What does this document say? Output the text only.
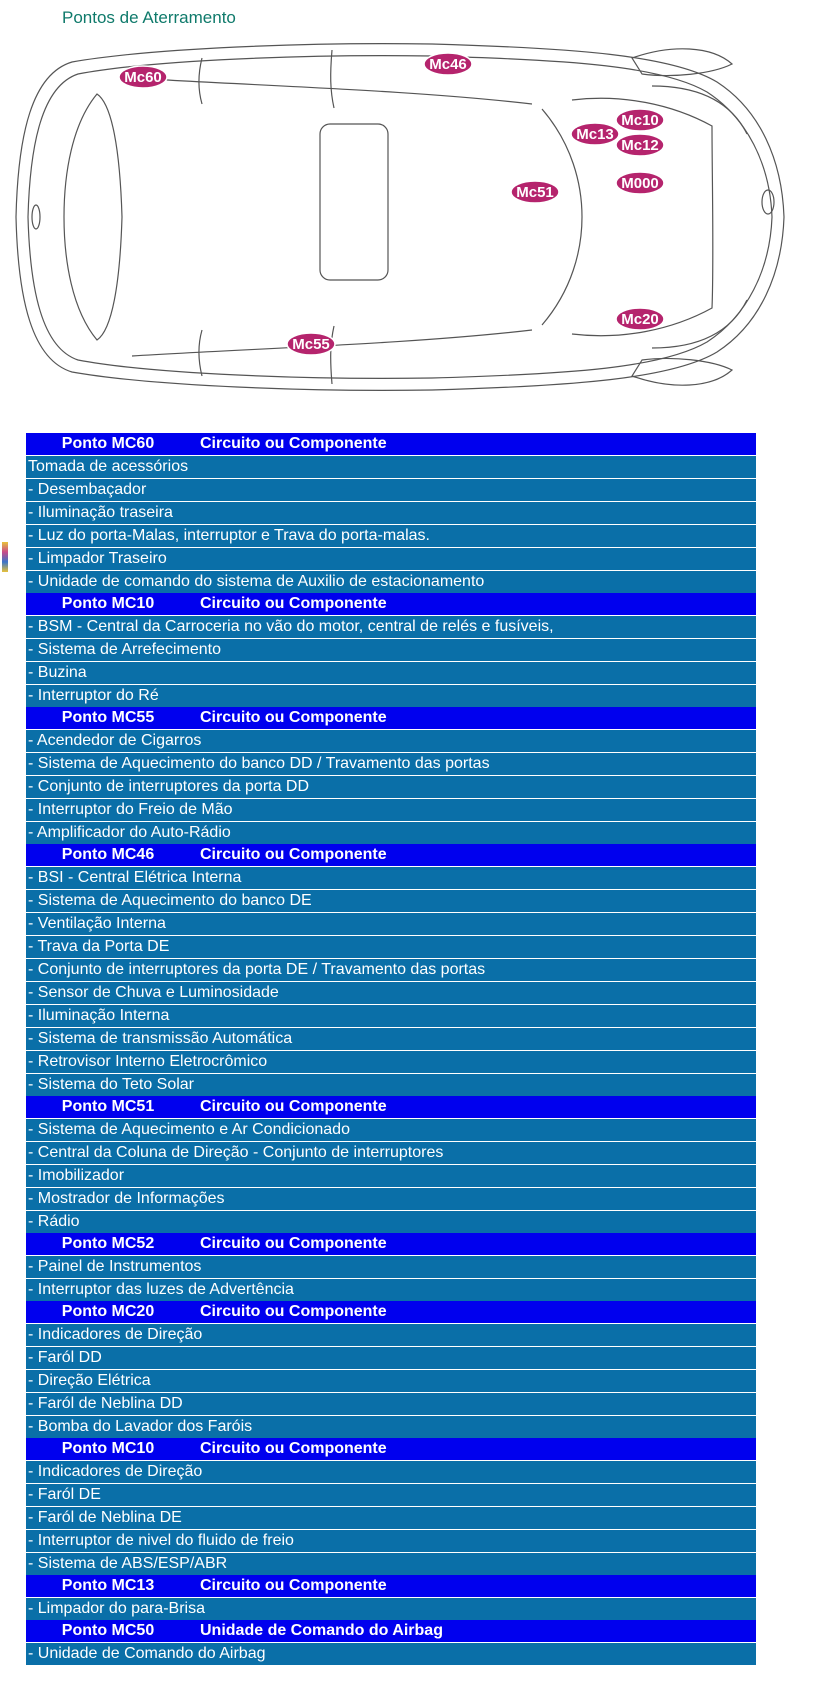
Pontos de Aterramento
Mc60
Mc46
Mc10
Mc13
Mc12
M000
Mc51
Mc20
Mc55
Ponto MC60	Circuito ou Componente
Tomada de acessórios	
- Desembaçador	
- Iluminação traseira	
- Luz do porta-Malas, interruptor e Trava do porta-malas.	
- Limpador Traseiro	
- Unidade de comando do sistema de Auxilio de estacionamento	
Ponto MC10	Circuito ou Componente
- BSM - Central da Carroceria no vão do motor, central de relés e fusíveis,	
- Sistema de Arrefecimento	
- Buzina	
- Interruptor do Ré	
Ponto MC55	Circuito ou Componente
- Acendedor de Cigarros	
- Sistema de Aquecimento do banco DD / Travamento das portas	
- Conjunto de interruptores da porta DD	
- Interruptor do Freio de Mão	
- Amplificador do Auto-Rádio	
Ponto MC46	Circuito ou Componente
- BSI - Central Elétrica Interna	
- Sistema de Aquecimento do banco DE	
- Ventilação Interna	
- Trava da Porta DE	
- Conjunto de interruptores da porta DE / Travamento das portas	
- Sensor de Chuva e Luminosidade	
- Iluminação Interna	
- Sistema de transmissão Automática	
- Retrovisor Interno Eletrocrômico	
- Sistema do Teto Solar	
Ponto MC51	Circuito ou Componente
- Sistema de Aquecimento e Ar Condicionado	
- Central da Coluna de Direção - Conjunto de interruptores	
- Imobilizador	
- Mostrador de Informações	
- Rádio	
Ponto MC52	Circuito ou Componente
- Painel de Instrumentos	
- Interruptor das luzes de Advertência	
Ponto MC20	Circuito ou Componente
- Indicadores de Direção	
- Faról DD	
- Direção Elétrica	
- Faról de Neblina DD	
- Bomba do Lavador dos Faróis	
Ponto MC10	Circuito ou Componente
- Indicadores de Direção	
- Faról DE	
- Faról de Neblina DE	
- Interruptor de nivel do fluido de freio	
- Sistema de ABS/ESP/ABR	
Ponto MC13	Circuito ou Componente
- Limpador do para-Brisa	
Ponto MC50	Unidade de Comando do Airbag
- Unidade de Comando do Airbag	
